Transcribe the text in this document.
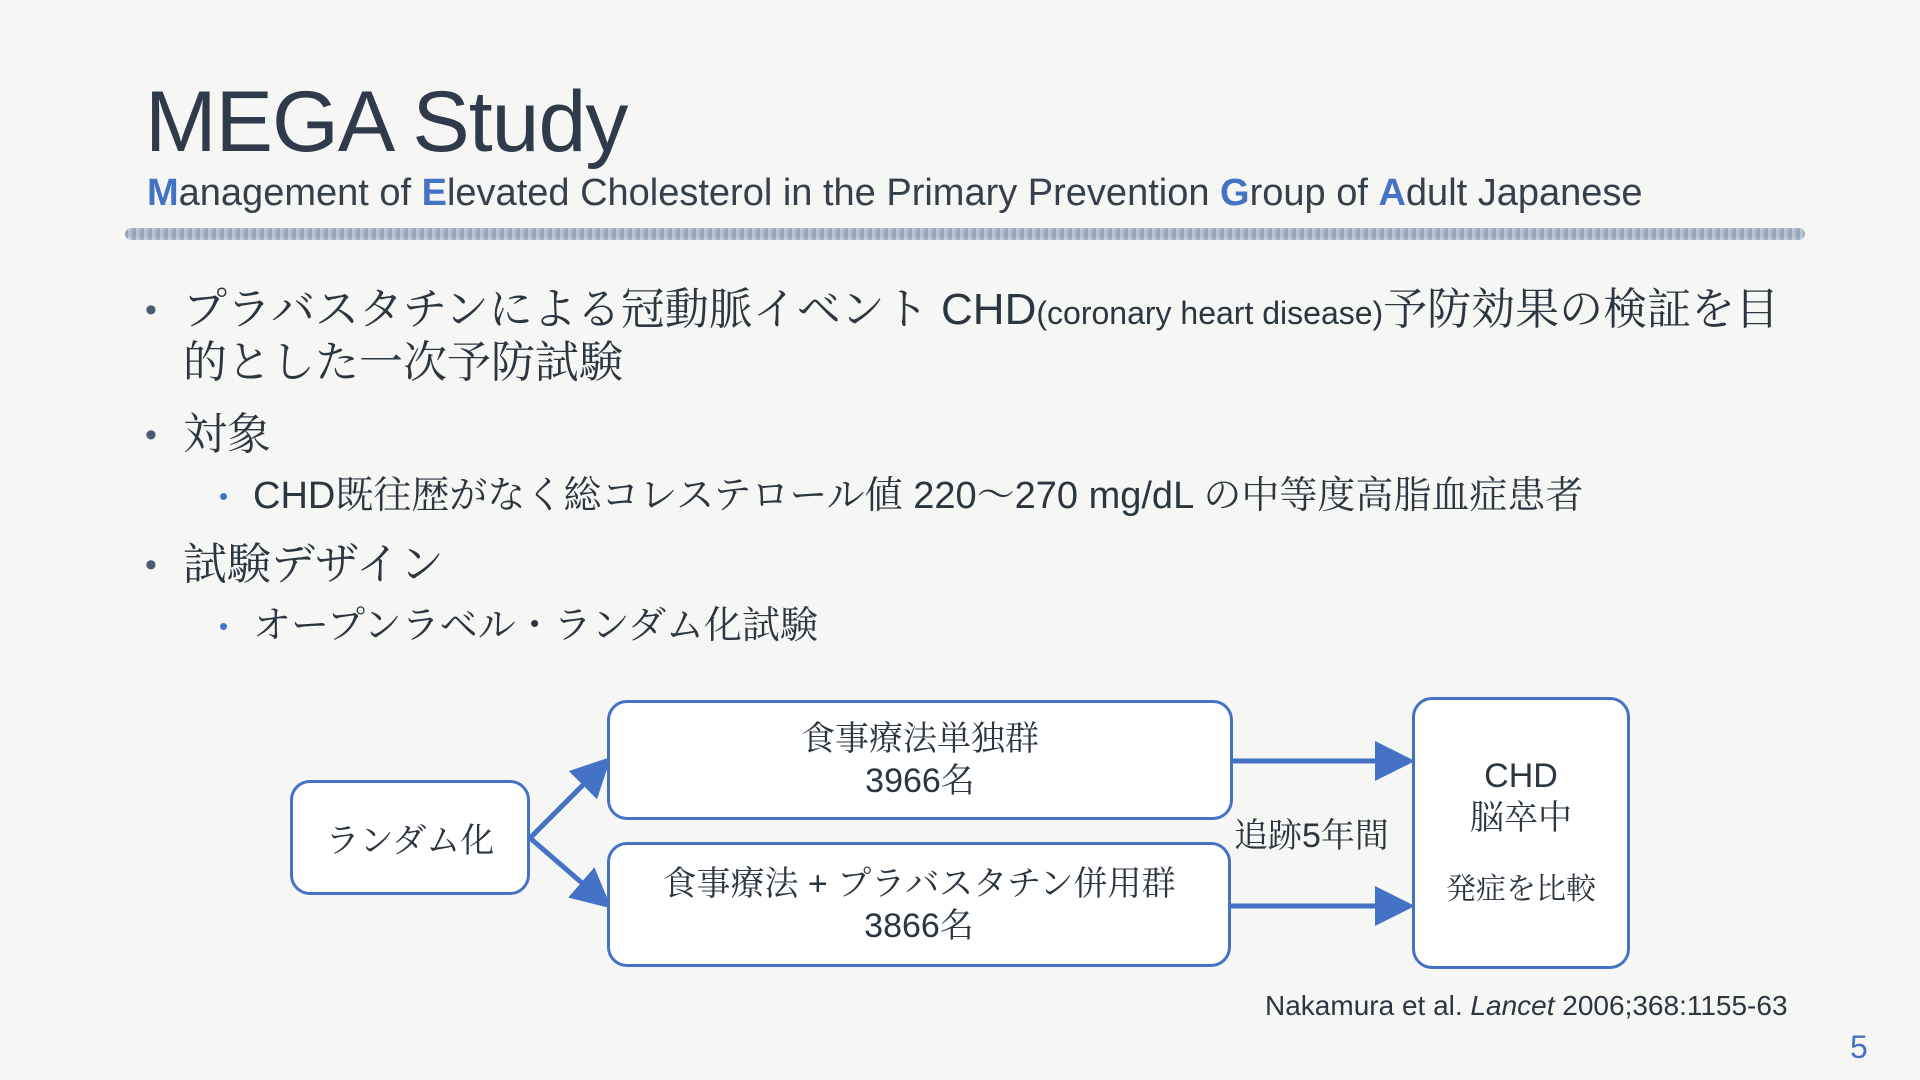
MEGA Study
Management of Elevated Cholesterol in the Primary Prevention Group of Adult Japanese
• プラバスタチンによる冠動脈イベント CHD(coronary heart disease)予防効果の検証を目的とした一次予防試験
• 対象
• CHD既往歴がなく総コレステロール値 220～270 mg/dL の中等度高脂血症患者
• 試験デザイン
• オープンラベル・ランダム化試験
ランダム化
食事療法単独群
3966名
食事療法 + プラバスタチン併用群
3866名
追跡5年間
CHD
脳卒中
発症を比較
Nakamura et al. Lancet 2006;368:1155-63
5
